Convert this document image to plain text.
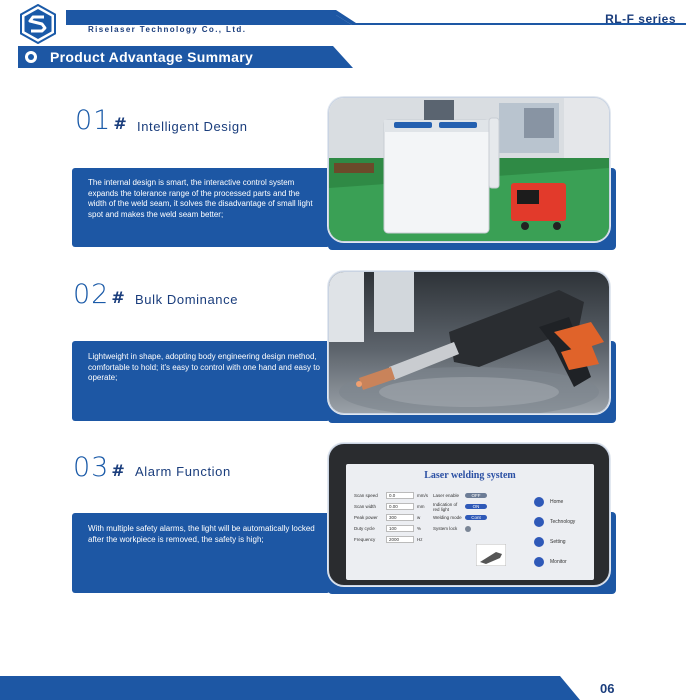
Riselaser Technology Co., Ltd.
RL-F series
Product Advantage Summary
01 # Intelligent Design
The internal design is smart, the interactive control system expands the tolerance range of the processed parts and the width of the weld seam, it solves the disadvantage of small light spot and makes the weld seam better;
02 # Bulk Dominance
Lightweight in shape, adopting body engineering design method, comfortable to hold; it's easy to control with one hand and easy to operate;
03 # Alarm Function
With multiple safety alarms, the light will be automatically locked after the workpiece is removed, the safety is high;
Laser welding system
Scan speed	0.0	mm/s	Laser enable	OFF
Scan width	0.00	mm	Indication of red light	ON
Peak power	300	w	Welding mode	Cont
Duty cycle	100	%	System lock
Frequency	2000	Hz
Home
Technology
Setting
Monitor
06
